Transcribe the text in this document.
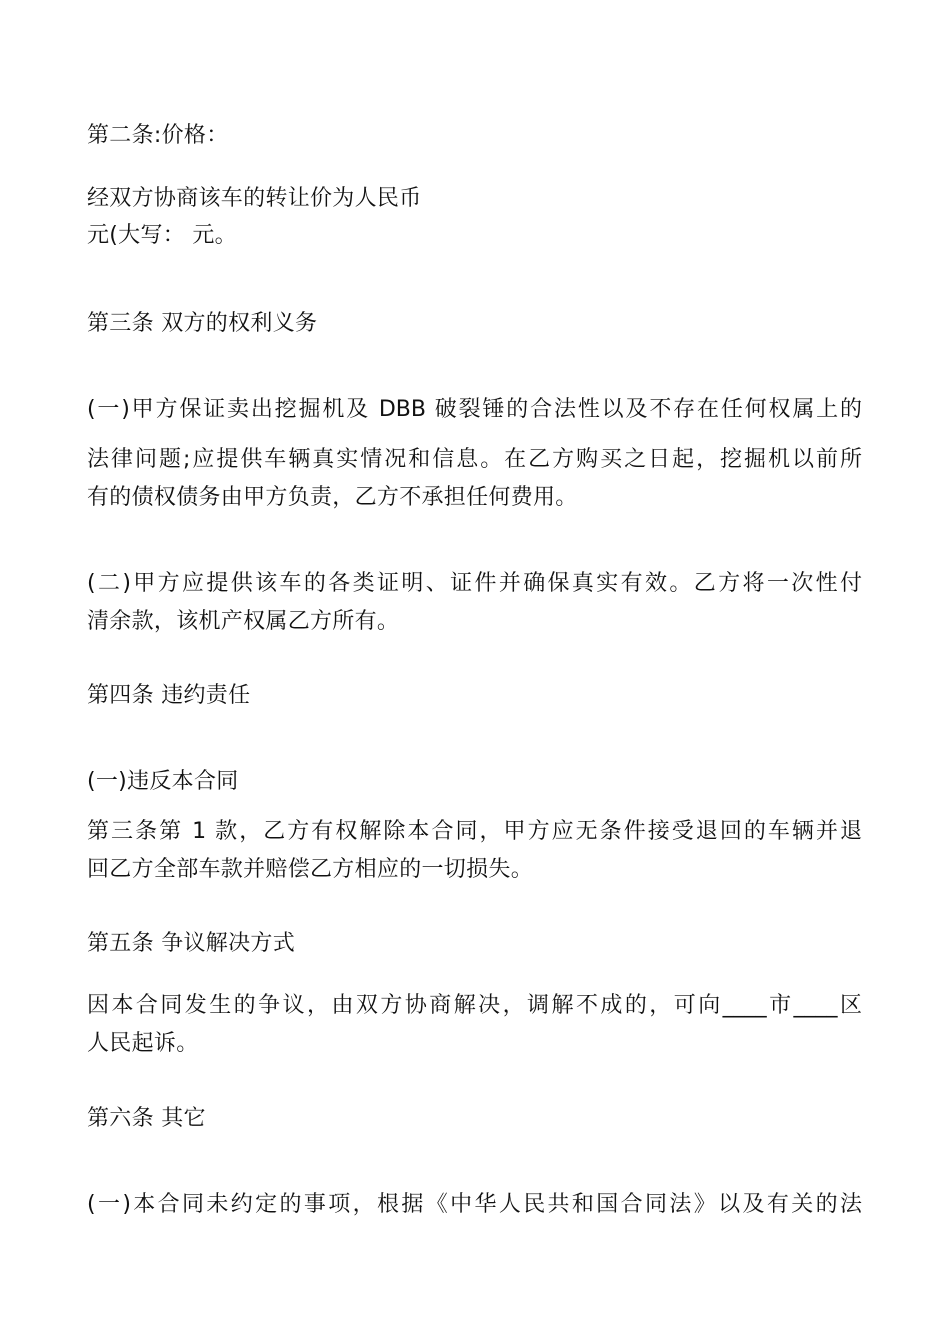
第二条:价格：
经双方协商该车的转让价为人民币
元(大写： 元。
第三条 双方的权利义务
(一)甲方保证卖出挖掘机及 DBB 破裂锤的合法性以及不存在任何权属上的
法律问题;应提供车辆真实情况和信息。在乙方购买之日起，挖掘机以前所
有的债权债务由甲方负责，乙方不承担任何费用。
(二)甲方应提供该车的各类证明、证件并确保真实有效。乙方将一次性付
清余款，该机产权属乙方所有。
第四条 违约责任
(一)违反本合同
第三条第 1 款，乙方有权解除本合同，甲方应无条件接受退回的车辆并退
回乙方全部车款并赔偿乙方相应的一切损失。
第五条 争议解决方式
因本合同发生的争议，由双方协商解决，调解不成的，可向____市____区
人民起诉。
第六条 其它
(一)本合同未约定的事项，根据《中华人民共和国合同法》以及有关的法
